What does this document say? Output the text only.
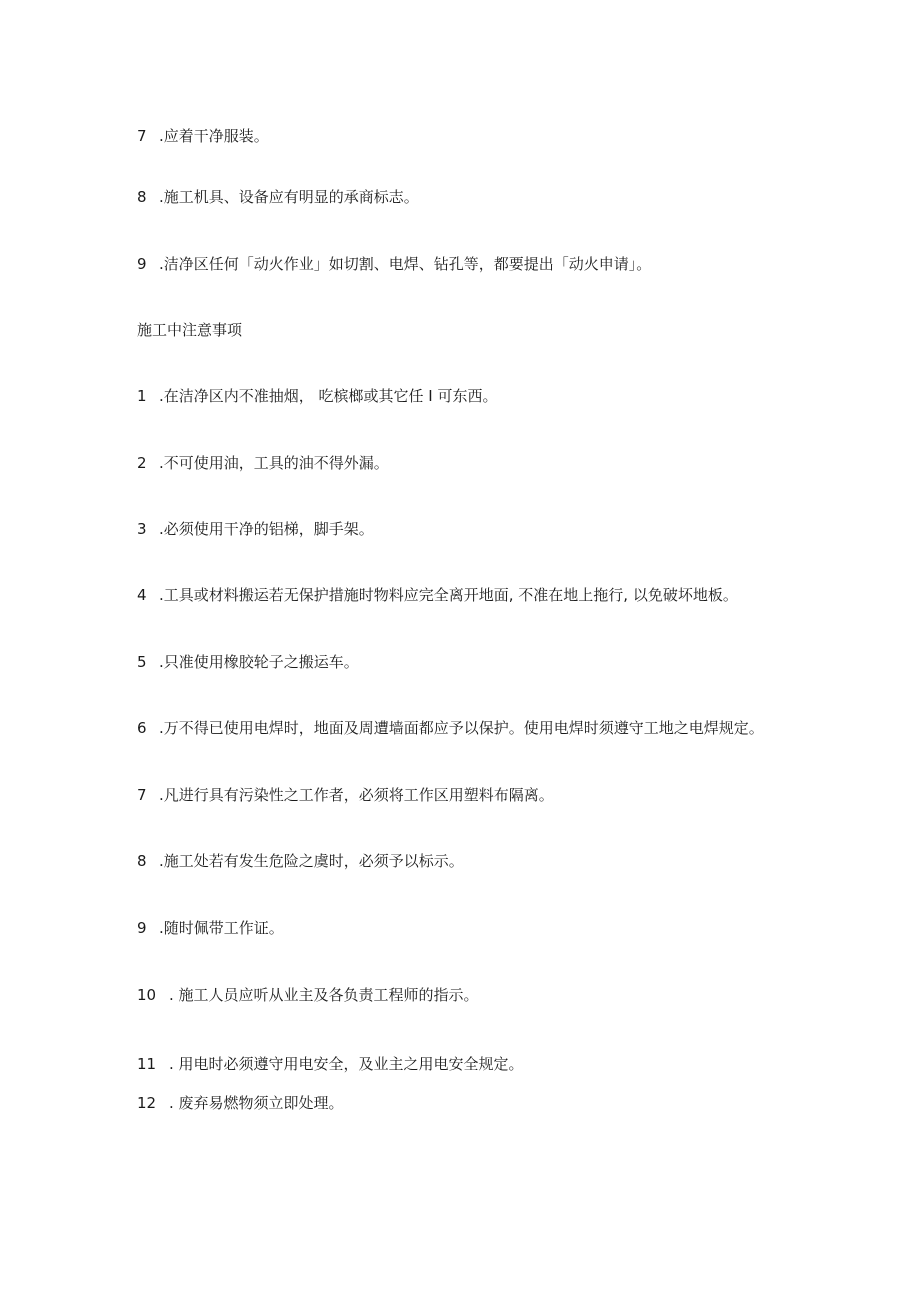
7 .应着干净服装。
8 .施工机具、设备应有明显的承商标志。
9 .洁净区任何「动火作业」如切割、电焊、钻孔等，都要提出「动火申请」。
施工中注意事项
1 .在洁净区内不准抽烟， 吃槟榔或其它任 I 可东西。
2 .不可使用油，工具的油不得外漏。
3 .必须使用干净的铝梯，脚手架。
4 .工具或材料搬运若无保护措施时物料应完全离开地面, 不准在地上拖行, 以免破坏地板。
5 .只准使用橡胶轮子之搬运车。
6 .万不得已使用电焊时，地面及周遭墙面都应予以保护。使用电焊时须遵守工地之电焊规定。
7 .凡进行具有污染性之工作者，必须将工作区用塑料布隔离。
8 .施工处若有发生危险之虞时，必须予以标示。
9 .随时佩带工作证。
10 . 施工人员应听从业主及各负责工程师的指示。
11 . 用电时必须遵守用电安全，及业主之用电安全规定。
12 . 废弃易燃物须立即处理。
